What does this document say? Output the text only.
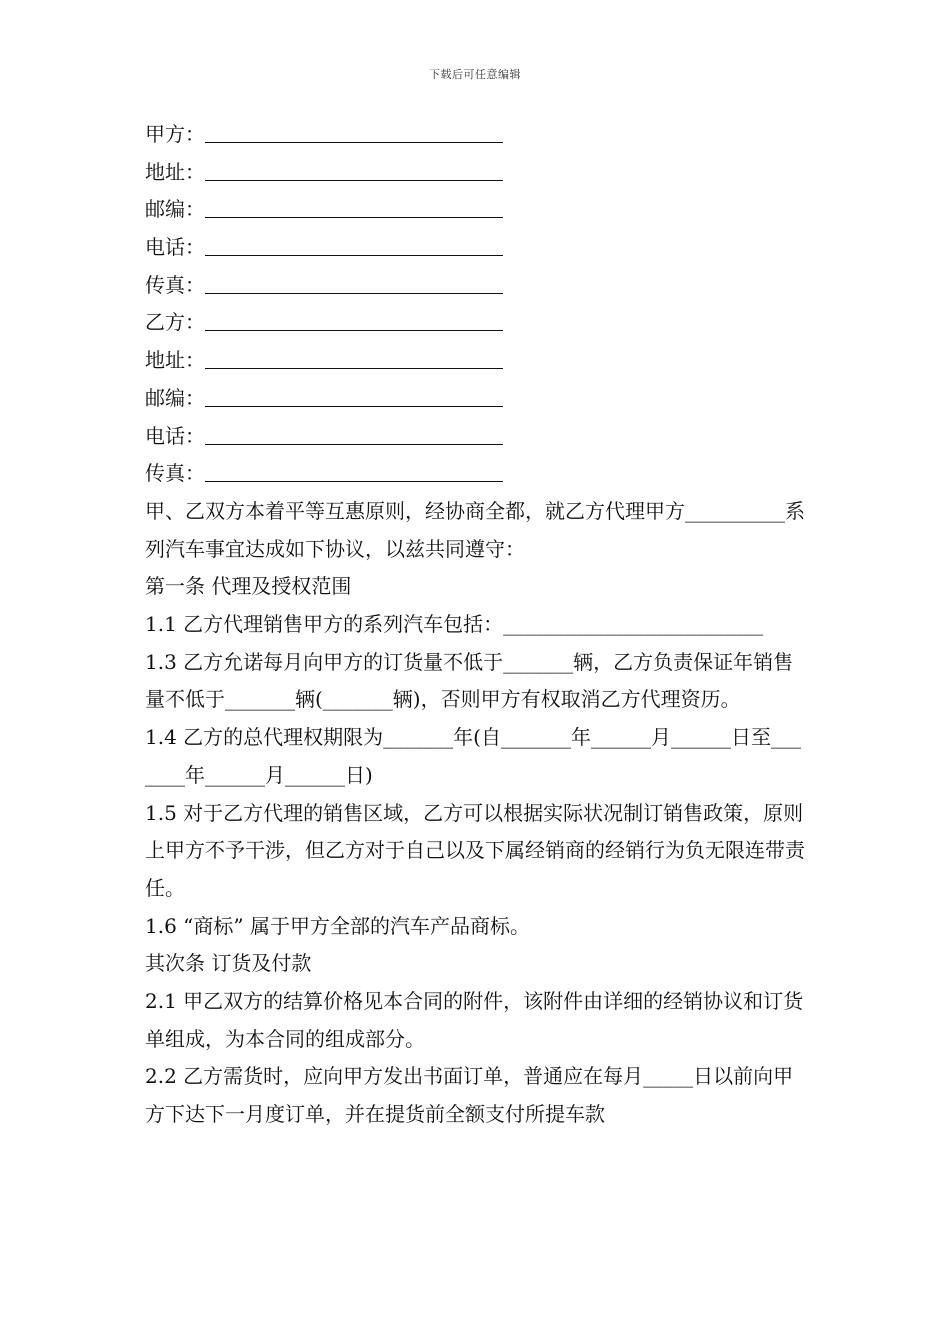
下载后可任意编辑
甲方：
地址：
邮编：
电话：
传真：
乙方：
地址：
邮编：
电话：
传真：

甲、乙双方本着平等互惠原则，经协商全都，就乙方代理甲方__________系列汽车事宜达成如下协议，以兹共同遵守：

第一条 代理及授权范围

1.1 乙方代理销售甲方的系列汽车包括：__________________________

1.3 乙方允诺每月向甲方的订货量不低于_______辆，乙方负责保证年销售量不低于_______辆(_______辆)，否则甲方有权取消乙方代理资历。

1.4 乙方的总代理权期限为_______年(自_______年______月______日至_______年______月______日)

1.5 对于乙方代理的销售区域，乙方可以根据实际状况制订销售政策，原则上甲方不予干涉，但乙方对于自己以及下属经销商的经销行为负无限连带责任。

1.6 “商标” 属于甲方全部的汽车产品商标。

其次条 订货及付款

2.1 甲乙双方的结算价格见本合同的附件，该附件由详细的经销协议和订货单组成，为本合同的组成部分。

2.2 乙方需货时，应向甲方发出书面订单，普通应在每月_____日以前向甲方下达下一月度订单，并在提货前全额支付所提车款
